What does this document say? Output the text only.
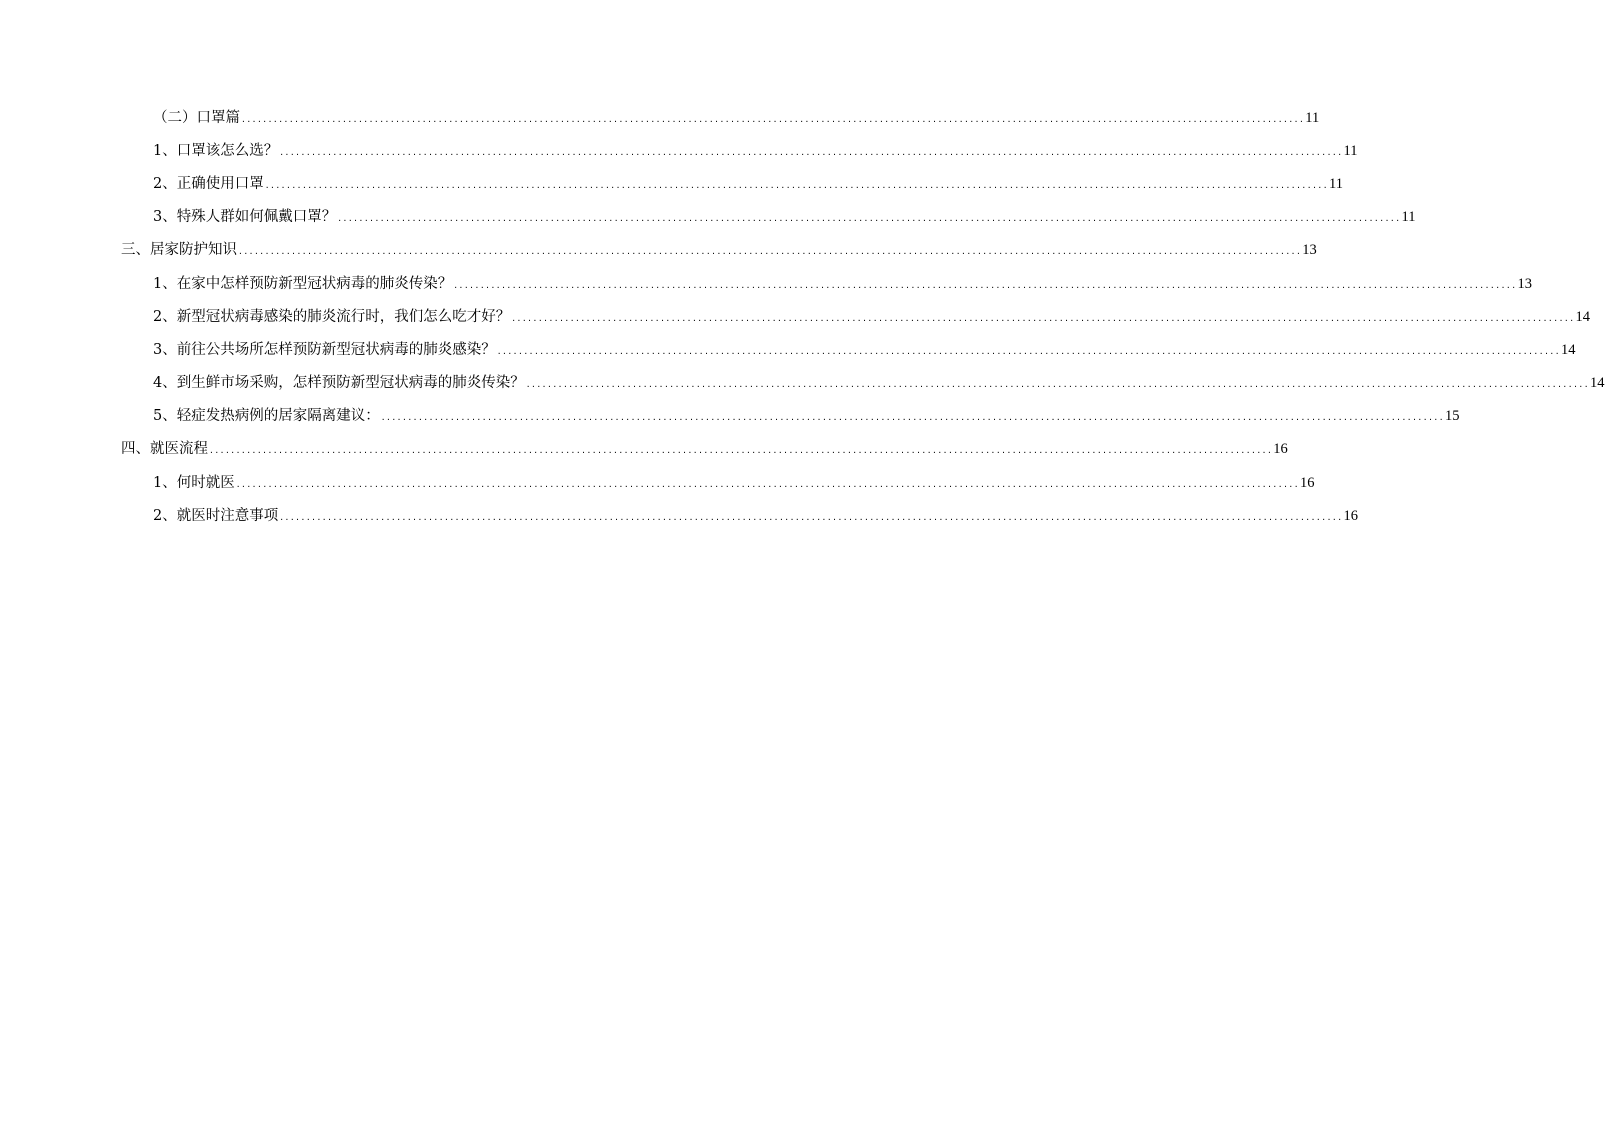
（二）口罩篇 ........................................................................................................................................................................................................ 11
1、口罩该怎么选？ ........................................................................................................................................................................................................ 11
2、正确使用口罩 ........................................................................................................................................................................................................ 11
3、特殊人群如何佩戴口罩？ ........................................................................................................................................................................................................ 11
三、居家防护知识 ........................................................................................................................................................................................................ 13
1、在家中怎样预防新型冠状病毒的肺炎传染？ ........................................................................................................................................................................................................ 13
2、新型冠状病毒感染的肺炎流行时，我们怎么吃才好？ ........................................................................................................................................................................................................ 14
3、前往公共场所怎样预防新型冠状病毒的肺炎感染？ ........................................................................................................................................................................................................ 14
4、到生鲜市场采购，怎样预防新型冠状病毒的肺炎传染？ ........................................................................................................................................................................................................ 14
5、轻症发热病例的居家隔离建议： ........................................................................................................................................................................................................ 15
四、就医流程 ........................................................................................................................................................................................................ 16
1、何时就医 ........................................................................................................................................................................................................ 16
2、就医时注意事项 ........................................................................................................................................................................................................ 16
